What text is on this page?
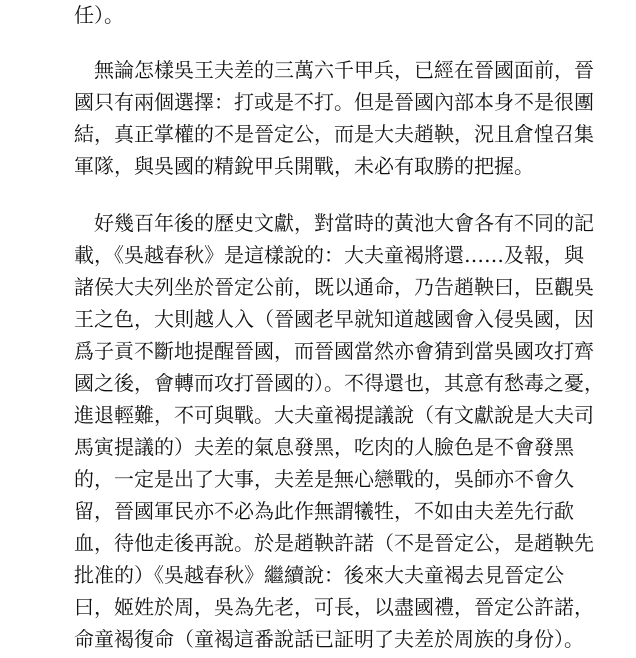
任）。

無論怎樣吳王夫差的三萬六千甲兵，已經在晉國面前，晉

國只有兩個選擇：打或是不打。但是晉國內部本身不是很團

結，真正掌權的不是晉定公，而是大夫趙鞅，況且倉惶召集

軍隊，與吳國的精銳甲兵開戰，未必有取勝的把握。

好幾百年後的歷史文獻，對當時的黃池大會各有不同的記

載，《吳越春秋》是這樣說的：大夫童褐將還……及報，與

諸侯大夫列坐於晉定公前，既以通命，乃告趙鞅曰，臣觀吳

王之色，大則越人入（晉國老早就知道越國會入侵吳國，因

爲子貢不斷地提醒晉國，而晉國當然亦會猜到當吳國攻打齊

國之後，會轉而攻打晉國的）。不得還也，其意有愁毒之憂，

進退輕難，不可與戰。大夫童褐提議說（有文獻說是大夫司

馬寅提議的）夫差的氣息發黑，吃肉的人臉色是不會發黑

的，一定是出了大事，夫差是無心戀戰的，吳師亦不會久

留，晉國軍民亦不必為此作無謂犧牲，不如由夫差先行歃

血，待他走後再說。於是趙鞅許諾（不是晉定公，是趙鞅先

批准的）《吳越春秋》繼續說：後來大夫童褐去見晉定公

曰，姬姓於周，吳為先老，可長，以盡國禮，晉定公許諾，

命童褐復命（童褐這番說話已証明了夫差於周族的身份）。
